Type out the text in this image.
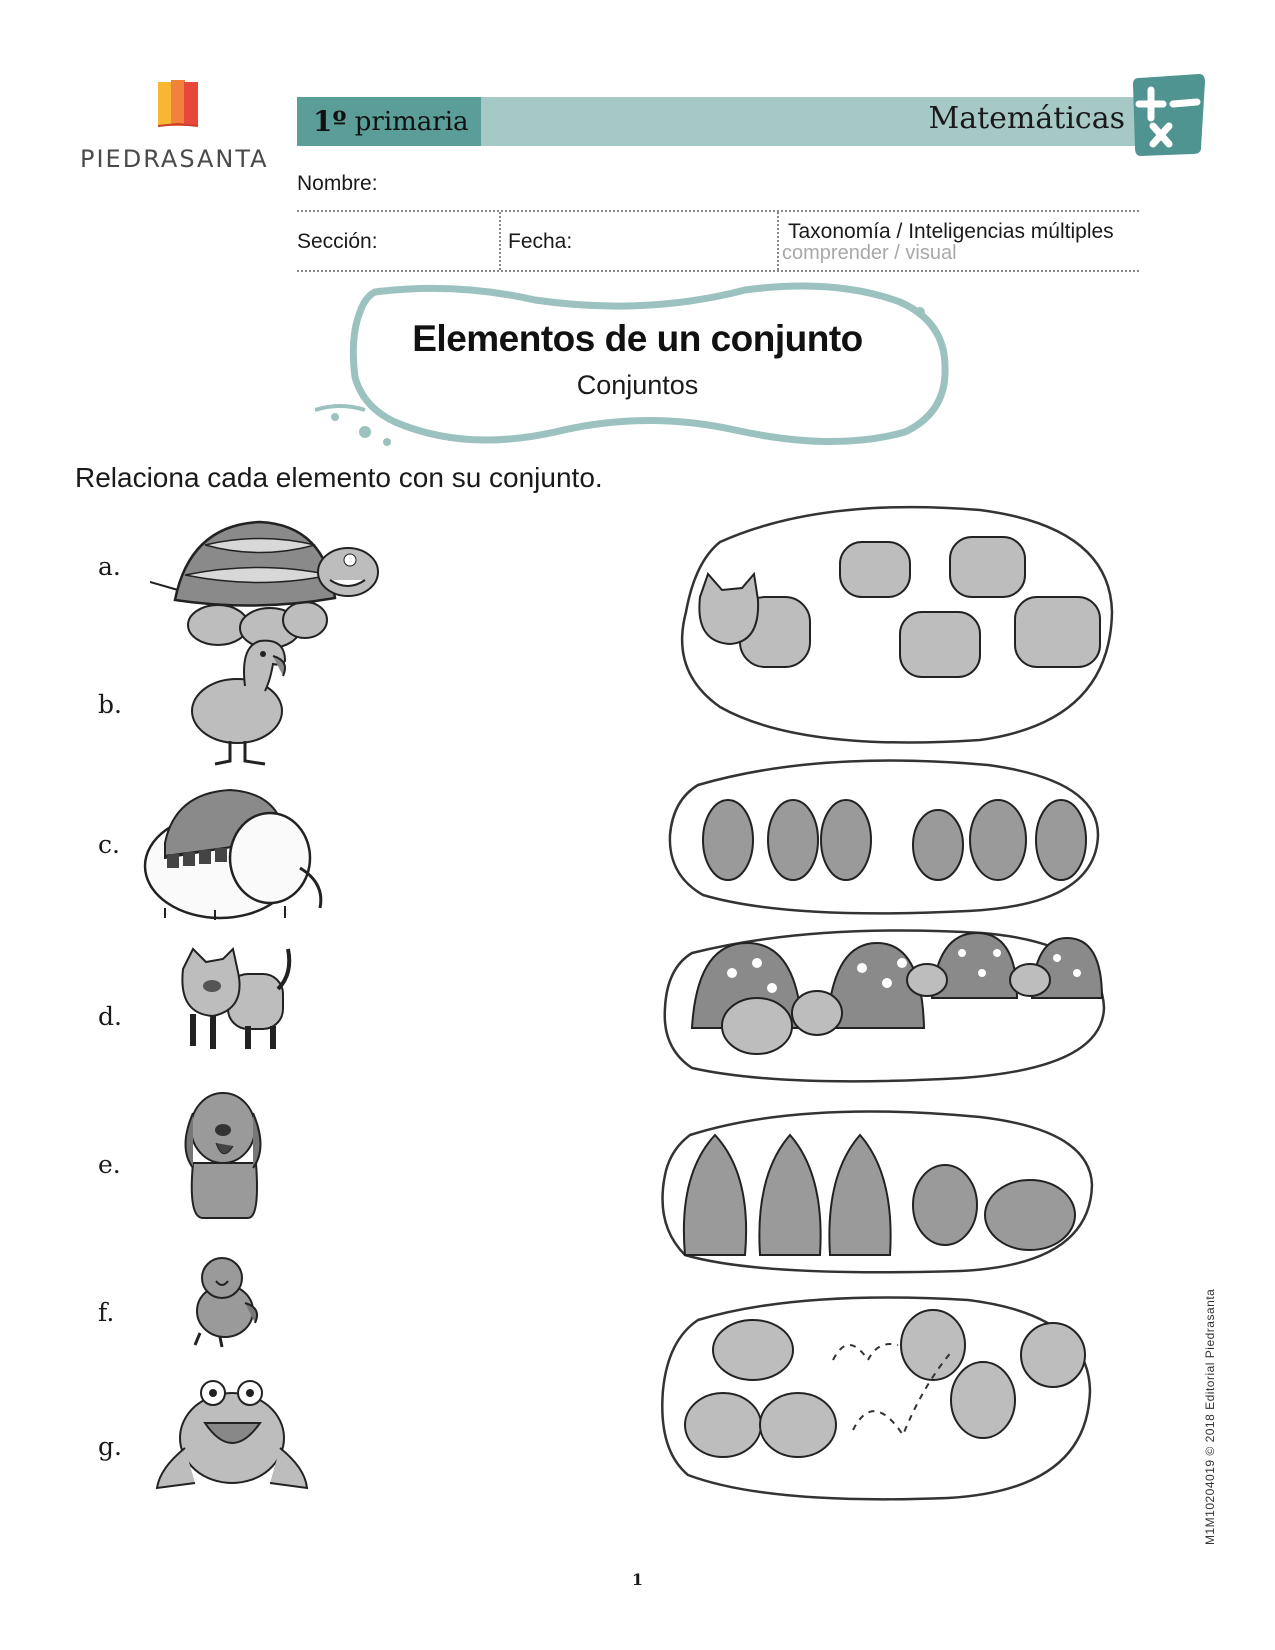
PIEDRASANTA
1º
primaria	Matemáticas
Nombre:
Sección:	Fecha:	Taxonomía / Inteligencias múltiples
comprender / visual
Elementos de un conjunto
Conjuntos
Relaciona cada elemento con su conjunto.
a.
b.
c.
d.
e.
f.
g.
1
M1M10204019 © 2018 Editorial Piedrasanta
